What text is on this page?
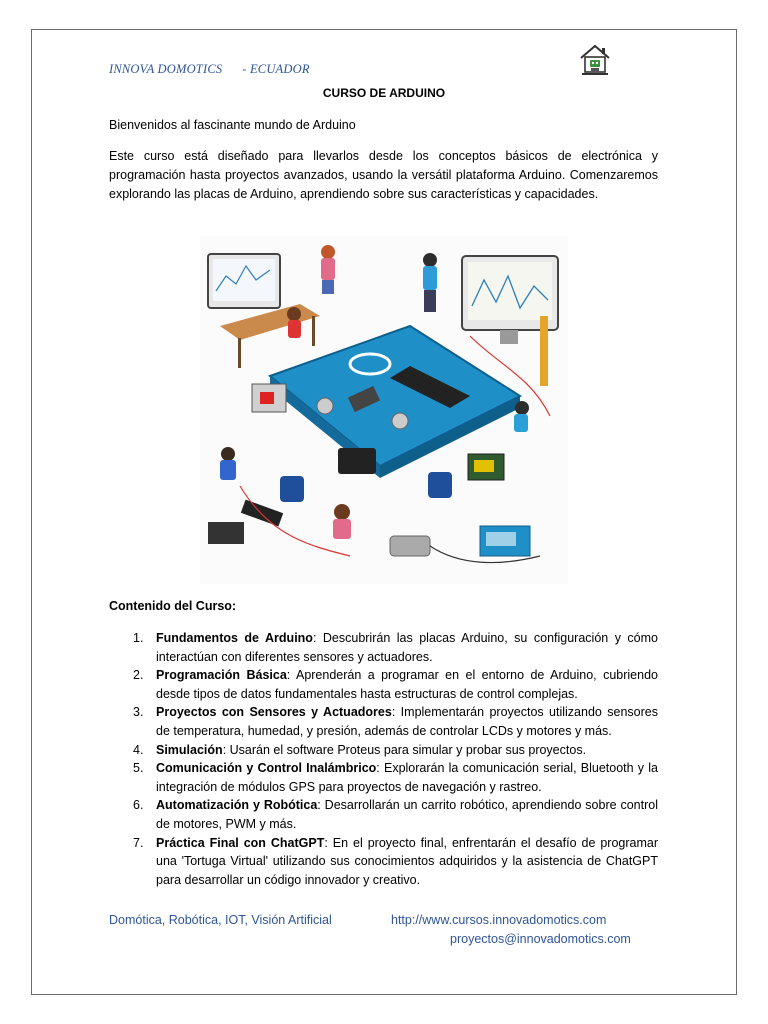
INNOVA DOMOTICS      - ECUADOR
CURSO DE ARDUINO
Bienvenidos al fascinante mundo de Arduino
Este curso está diseñado para llevarlos desde los conceptos básicos de electrónica y programación hasta proyectos avanzados, usando la versátil plataforma Arduino. Comenzaremos explorando las placas de Arduino, aprendiendo sobre sus características y capacidades.
Contenido del Curso:
1. Fundamentos de Arduino: Descubrirán las placas Arduino, su configuración y cómo interactúan con diferentes sensores y actuadores.
2. Programación Básica: Aprenderán a programar en el entorno de Arduino, cubriendo desde tipos de datos fundamentales hasta estructuras de control complejas.
3. Proyectos con Sensores y Actuadores: Implementarán proyectos utilizando sensores de temperatura, humedad, y presión, además de controlar LCDs y motores y más.
4. Simulación: Usarán el software Proteus para simular y probar sus proyectos.
5. Comunicación y Control Inalámbrico: Explorarán la comunicación serial, Bluetooth y la integración de módulos GPS para proyectos de navegación y rastreo.
6. Automatización y Robótica: Desarrollarán un carrito robótico, aprendiendo sobre control de motores, PWM y más.
7. Práctica Final con ChatGPT: En el proyecto final, enfrentarán el desafío de programar una 'Tortuga Virtual' utilizando sus conocimientos adquiridos y la asistencia de ChatGPT para desarrollar un código innovador y creativo.
Domótica, Robótica, IOT, Visión Artificial	http://www.cursos.innovadomotics.com
proyectos@innovadomotics.com
